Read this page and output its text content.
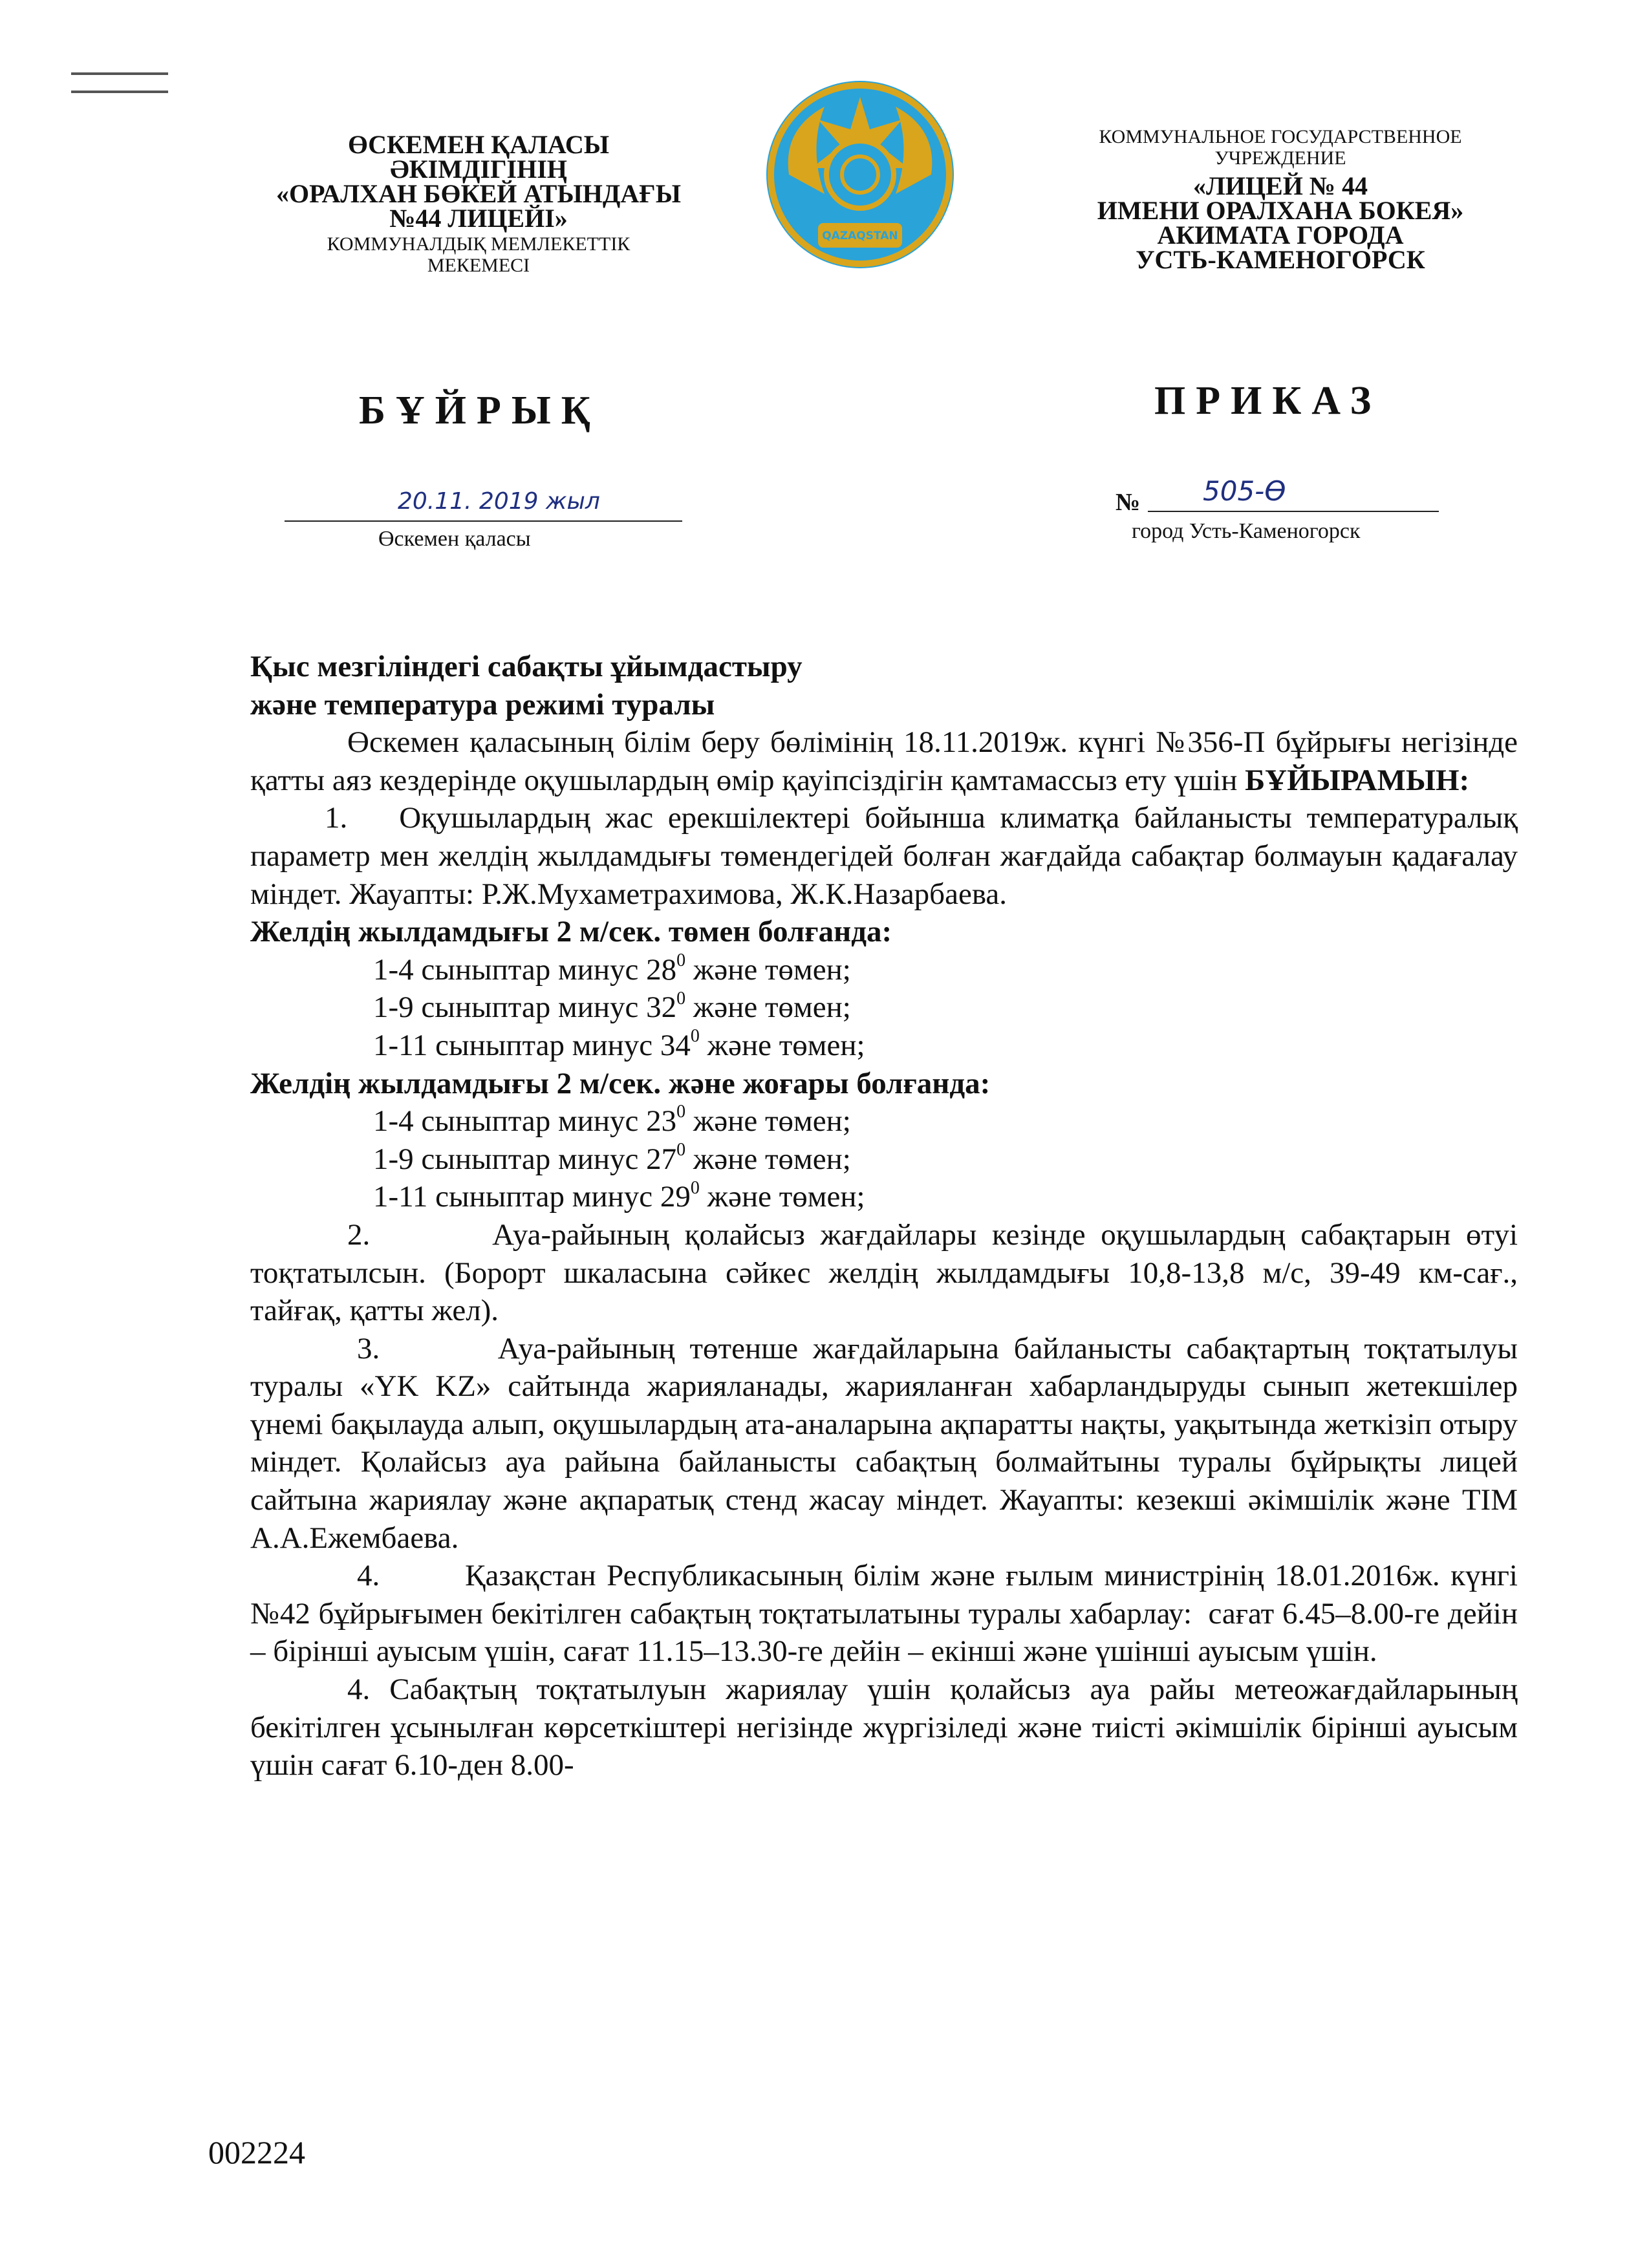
ӨСКЕМЕН ҚАЛАСЫ
ӘКІМДІГІНІҢ
«ОРАЛХАН БӨКЕЙ АТЫНДАҒЫ
№44 ЛИЦЕЙІ»
КОММУНАЛДЫҚ МЕМЛЕКЕТТІК
МЕКЕМЕСІ
QAZAQSTAN
КОММУНАЛЬНОЕ ГОСУДАРСТВЕННОЕ
УЧРЕЖДЕНИЕ
«ЛИЦЕЙ № 44
ИМЕНИ ОРАЛХАНА БОКЕЯ»
АКИМАТА ГОРОДА
УСТЬ-КАМЕНОГОРСК
БҰЙРЫҚ	ПРИКАЗ
20.11. 2019 жыл
Өскемен қаласы
№ 505-Ө
город Усть-Каменогорск

Қыс мезгіліндегі сабақты ұйымдастыру

және температура режимі туралы

Өскемен қаласының білім беру бөлімінің 18.11.2019ж. күнгі №356-П бұйрығы негізінде қатты аяз кездерінде оқушылардың өмір қауіпсіздігін қамтамассыз ету үшін БҰЙЫРАМЫН:

1. Оқушылардың жас ерекшілектері бойынша климатқа байланысты температуралық параметр мен желдің жылдамдығы төмендегідей болған жағдайда сабақтар болмауын қадағалау міндет. Жауапты: Р.Ж.Мухаметрахимова, Ж.К.Назарбаева.

Желдің жылдамдығы 2 м/сек. төмен болғанда:

1-4 сыныптар минус $28^0$ және төмен;

1-9 сыныптар минус $32^0$ және төмен;

1-11 сыныптар минус $34^0$ және төмен;

Желдің жылдамдығы 2 м/сек. және жоғары болғанда:

1-4 сыныптар минус $23^0$ және төмен;

1-9 сыныптар минус $27^0$ және төмен;

1-11 сыныптар минус $29^0$ және төмен;

2.        Ауа-райының қолайсыз жағдайлары кезінде оқушылардың сабақтарын өтуі тоқтатылсын. (Борорт шкаласына сәйкес желдің жылдамдығы 10,8-13,8 м/с, 39-49 км-сағ., тайғақ, қатты жел).

3.        Ауа-райының төтенше жағдайларына байланысты сабақтартың тоқтатылуы туралы «YK KZ» сайтында жарияланады, жарияланған хабарландыруды сынып жетекшілер үнемі бақылауда алып, оқушылардың ата-аналарына ақпаратты нақты, уақытында жеткізіп отыру міндет. Қолайсыз ауа райына байланысты сабақтың болмайтыны туралы бұйрықты лицей сайтына жариялау және ақпаратық стенд жасау міндет. Жауапты: кезекші әкімшілік және ТІМ А.А.Ежембаева.

4.        Қазақстан Республикасының білім және ғылым министрінің 18.01.2016ж. күнгі №42 бұйрығымен бекітілген сабақтың тоқтатылатыны туралы хабарлау:  сағат 6.45–8.00-ге дейін – бірінші ауысым үшін, сағат 11.15–13.30-ге дейін – екінші және үшінші ауысым үшін.

4. Сабақтың тоқтатылуын жариялау үшін қолайсыз ауа райы метеожағдайларының бекітілген ұсынылған көрсеткіштері негізінде жүргізіледі және тиісті әкімшілік бірінші ауысым үшін сағат 6.10-ден 8.00-

002224
